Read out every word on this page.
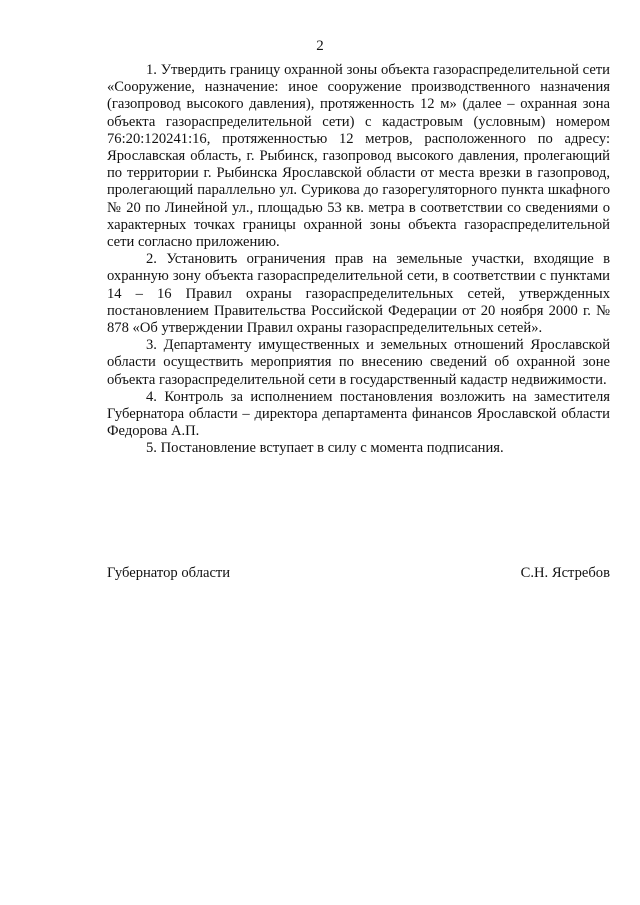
2

1. Утвердить границу охранной зоны объекта газораспределительной сети «Сооружение, назначение: иное сооружение производственного назначения (газопровод высокого давления), протяженность 12 м» (далее – охранная зона объекта газораспределительной сети) с кадастровым (условным) номером 76:20:120241:16, протяженностью 12 метров, расположенного по адресу: Ярославская область, г. Рыбинск, газопровод высокого давления, пролегающий по территории г. Рыбинска Ярославской области от места врезки в газопровод, пролегающий параллельно ул. Сурикова до газорегуляторного пункта шкафного № 20 по Линейной ул., площадью 53 кв. метра в соответствии со сведениями о характерных точках границы охранной зоны объекта газораспределительной сети согласно приложению.

2. Установить ограничения прав на земельные участки, входящие в охранную зону объекта газораспределительной сети, в соответствии с пунктами 14 – 16 Правил охраны газораспределительных сетей, утвержденных постановлением Правительства Российской Федерации от 20 ноября 2000 г. № 878 «Об утверждении Правил охраны газораспределительных сетей».

3. Департаменту имущественных и земельных отношений Ярославской области осуществить мероприятия по внесению сведений об охранной зоне объекта газораспределительной сети в государственный кадастр недвижимости.

4. Контроль за исполнением постановления возложить на заместителя Губернатора области – директора департамента финансов Ярославской области Федорова А.П.

5. Постановление вступает в силу с момента подписания.

Губернатор области	С.Н. Ястребов
